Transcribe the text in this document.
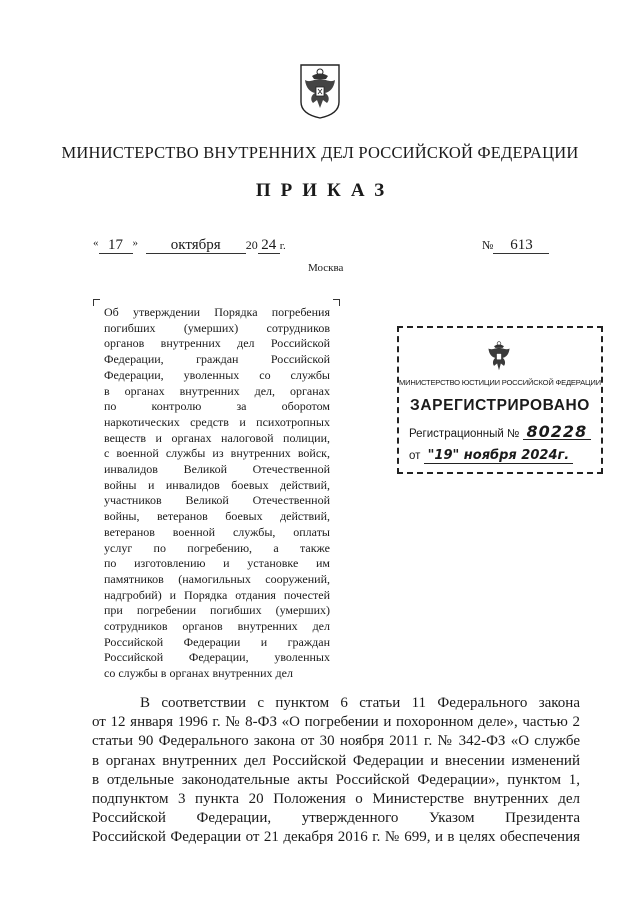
МИНИСТЕРСТВО ВНУТРЕННИХ ДЕЛ РОССИЙСКОЙ ФЕДЕРАЦИИ
ПРИКАЗ
« 17 » октября 20 24 г.	№ 613
Москва
Об утверждении Порядка погребения
погибших (умерших) сотрудников
органов внутренних дел Российской
Федерации, граждан Российской
Федерации, уволенных со службы
в органах внутренних дел, органах
по контролю за оборотом
наркотических средств и психотропных
веществ и органах налоговой полиции,
с военной службы из внутренних войск,
инвалидов Великой Отечественной
войны и инвалидов боевых действий,
участников Великой Отечественной
войны, ветеранов боевых действий,
ветеранов военной службы, оплаты
услуг по погребению, а также
по изготовлению и установке им
памятников (намогильных сооружений,
надгробий) и Порядка отдания почестей
при погребении погибших (умерших)
сотрудников органов внутренних дел
Российской Федерации и граждан
Российской Федерации, уволенных
со службы в органах внутренних дел
МИНИСТЕРСТВО ЮСТИЦИИ РОССИЙСКОЙ ФЕДЕРАЦИИ
ЗАРЕГИСТРИРОВАНО
Регистрационный № 80228
от "19" ноября 2024г.
В соответствии с пунктом 6 статьи 11 Федерального закона
от 12 января 1996 г. № 8-ФЗ «О погребении и похоронном деле», частью 2
статьи 90 Федерального закона от 30 ноября 2011 г. № 342-ФЗ «О службе
в органах внутренних дел Российской Федерации и внесении изменений
в отдельные законодательные акты Российской Федерации», пунктом 1,
подпунктом 3 пункта 20 Положения о Министерстве внутренних дел
Российской Федерации, утвержденного Указом Президента
Российской Федерации от 21 декабря 2016 г. № 699, и в целях обеспечения
